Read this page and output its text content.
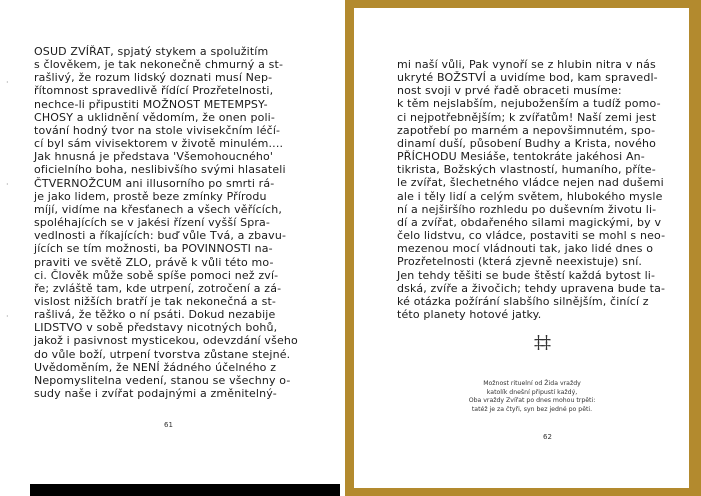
·
·
·
OSUD ZVÍŘAT, spjatý stykem a spolužitím
s člověkem, je tak nekonečně chmurný a st-
rašlivý, že rozum lidský doznati musí Nep-
řítomnost spravedlivě řídící Prozřetelnosti,
nechce-li připustiti MOŽNOST METEMPSY-
CHOSY a uklidnění vědomím, že onen poli-
tování hodný tvor na stole vivisekčním léčí-
cí byl sám vivisektorem v životě minulém....
Jak hnusná je představa 'Všemohoucného'
oficielního boha, neslibivšího svými hlasateli
ČTVERNOŽCUM ani illusorního po smrti rá-
je jako lidem, prostě beze zmínky Přírodu
míjí, vidíme na křesťanech a všech věřících,
spoléhajících se v jakési řízení vyšší Spra-
vedlnosti a říkajících: buď vůle Tvá, a zbavu-
jících se tím možnosti, ba POVINNOSTI na-
praviti ve světě ZLO, právě k vůli této mo-
ci. Člověk může sobě spíše pomoci než zví-
ře; zvláště tam, kde utrpení, zotročení a zá-
vislost nižších bratří je tak nekonečná a st-
rašlivá, že těžko o ní psáti. Dokud nezabije
LIDSTVO v sobě představy nicotných bohů,
jakož i pasivnost mysticekou, odevzdání všeho
do vůle boží, utrpení tvorstva zůstane stejné.
Uvědoměním, že NENÍ žádného účelného z
Nepomyslitelna vedení, stanou se všechny o-
sudy naše i zvířat podajnými a změnitelný-
61
mi naší vůli, Pak vynoří se z hlubin nitra v nás
ukryté BOŽSTVÍ a uvidíme bod, kam spravedl-
nost svoji v prvé řadě obraceti musíme:
k těm nejslabším, nejuboženším a tudíž pomo-
ci nejpotřebnějším; k zvířatům! Naší zemi jest
zapotřebí po marném a nepovšimnutém, spo-
dinamí duší, působení Budhy a Krista, nového
PŘÍCHODU Mesiáše, tentokráte jakéhosi An-
tikrista, Božských vlastností, humaního, příte-
le zvířat, šlechetného vládce nejen nad dušemi
ale i těly lidí a celým světem, hlubokého mysle
ní a nejširšího rozhledu po duševním životu li-
dí a zvířat, obdařeného silami magickými, by v
čelo lidstvu, co vládce, postaviti se mohl s neo-
mezenou mocí vládnouti tak, jako lidé dnes o
Prozřetelnosti (která zjevně neexistuje) sní.
Jen tehdy těšiti se bude štěstí každá bytost li-
dská, zvíře a živočich; tehdy upravena bude ta-
ké otázka požírání slabšího silnějším, činící z
této planety hotové jatky.
‡‡
Možnost rituelní od Žida vraždy
katolík dnešní připustí každý,
Oba vraždy Zvířat po dnes mohou trpěti:
tatéž je za čtyři, syn bez jedné po pěti.
62
